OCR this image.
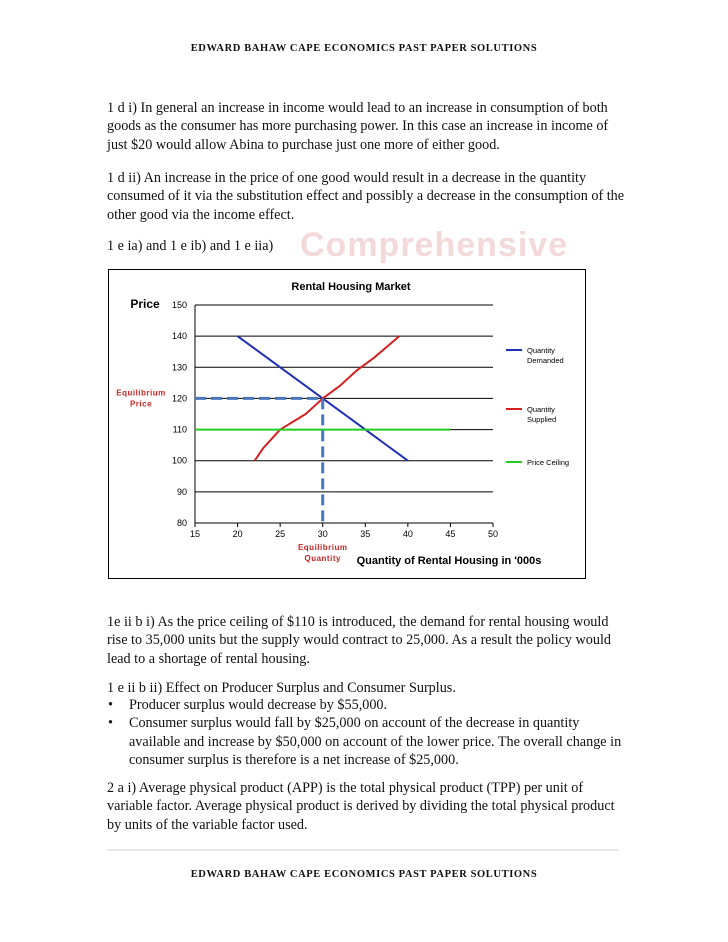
Comprehensive
EDWARD BAHAW CAPE ECONOMICS PAST PAPER SOLUTIONS

1 d i) In general an increase in income would lead to an increase in consumption of both goods as the consumer has more purchasing power. In this case an increase in income of just $20 would allow Abina to purchase just one more of either good.

1 d ii) An increase in the price of one good would result in a decrease in the quantity consumed of it via the substitution effect and possibly a decrease in the consumption of the other good via the income effect.

1 e ia) and 1 e ib) and 1 e iia)

Rental Housing Market
Price
Quantity of Rental Housing in '000s
80
90
100
110
120
130
140
150
15	20	25	30	35	40	45	50
Equilibrium Price
Equilibrium Quantity
Quantity Demanded
Quantity Supplied
Price Ceiling

1e ii b i) As the price ceiling of $110 is introduced, the demand for rental housing would rise to 35,000 units but the supply would contract to 25,000. As a result the policy would lead to a shortage of rental housing.

1 e ii b ii) Effect on Producer Surplus and Consumer Surplus.

• Producer surplus would decrease by $55,000.
• Consumer surplus would fall by $25,000 on account of the decrease in quantity available and increase by $50,000 on account of the lower price. The overall change in consumer surplus is therefore is a net increase of $25,000.

2 a i) Average physical product (APP) is the total physical product (TPP) per unit of variable factor. Average physical product is derived by dividing the total physical product by units of the variable factor used.

EDWARD BAHAW CAPE ECONOMICS PAST PAPER SOLUTIONS
